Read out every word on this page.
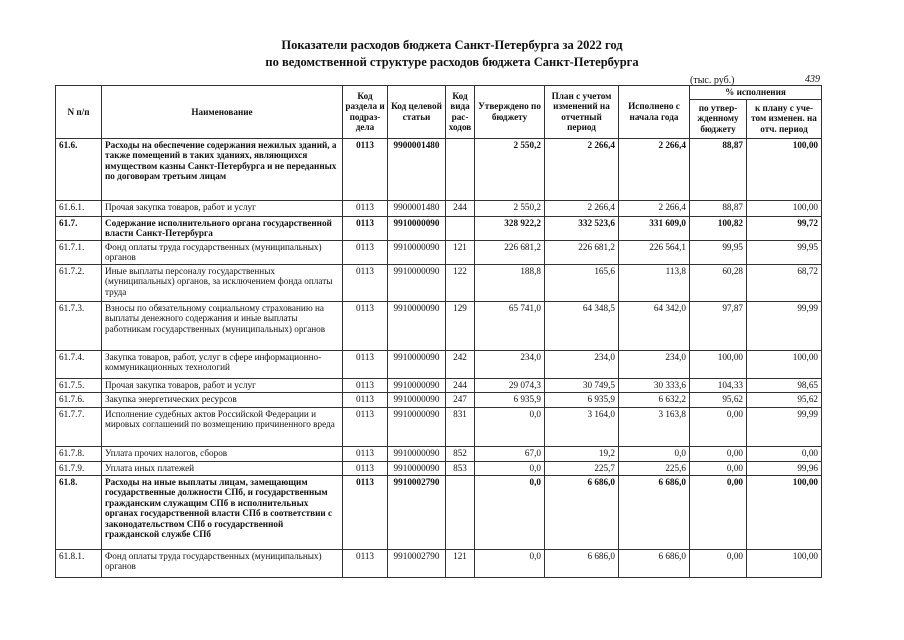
Показатели расходов бюджета Санкт-Петербурга за 2022 год
по ведомственной структуре расходов бюджета Санкт-Петербурга
(тыс. руб.)	439
N п/п	Наименование	Код раздела и подраз-дела	Код целевой статьи	Код вида рас-ходов	Утверждено по бюджету	План с учетом изменений на отчетный период	Исполнено с начала года	% исполнения	
								по утвер-жденному бюджету	к плану с уче-том изменен. на отч. период
61.6.	Расходы на обеспечение содержания нежилых зданий, а также помещений в таких зданиях, являющихся имуществом казны Санкт-Петербурга и не переданных по договорам третьим лицам	0113	9900001480		2 550,2	2 266,4	2 266,4	88,87	100,00
61.6.1.	Прочая закупка товаров, работ и услуг	0113	9900001480	244	2 550,2	2 266,4	2 266,4	88,87	100,00
61.7.	Содержание исполнительного органа государственной власти Санкт-Петербурга	0113	9910000090		328 922,2	332 523,6	331 609,0	100,82	99,72
61.7.1.	Фонд оплаты труда государственных (муниципальных) органов	0113	9910000090	121	226 681,2	226 681,2	226 564,1	99,95	99,95
61.7.2.	Иные выплаты персоналу государственных (муниципальных) органов, за исключением фонда оплаты труда	0113	9910000090	122	188,8	165,6	113,8	60,28	68,72
61.7.3.	Взносы по обязательному социальному страхованию на выплаты денежного содержания и иные выплаты работникам государственных (муниципальных) органов	0113	9910000090	129	65 741,0	64 348,5	64 342,0	97,87	99,99
61.7.4.	Закупка товаров, работ, услуг в сфере информационно-коммуникационных технологий	0113	9910000090	242	234,0	234,0	234,0	100,00	100,00
61.7.5.	Прочая закупка товаров, работ и услуг	0113	9910000090	244	29 074,3	30 749,5	30 333,6	104,33	98,65
61.7.6.	Закупка энергетических ресурсов	0113	9910000090	247	6 935,9	6 935,9	6 632,2	95,62	95,62
61.7.7.	Исполнение судебных актов Российской Федерации и мировых соглашений по возмещению причиненного вреда	0113	9910000090	831	0,0	3 164,0	3 163,8	0,00	99,99
61.7.8.	Уплата прочих налогов, сборов	0113	9910000090	852	67,0	19,2	0,0	0,00	0,00
61.7.9.	Уплата иных платежей	0113	9910000090	853	0,0	225,7	225,6	0,00	99,96
61.8.	Расходы на иные выплаты лицам, замещающим государственные должности СПб, и государственным гражданским служащим СПб в исполнительных органах государственной власти СПб в соответствии с законодательством СПб о государственной гражданской службе СПб	0113	9910002790		0,0	6 686,0	6 686,0	0,00	100,00
61.8.1.	Фонд оплаты труда государственных (муниципальных) органов	0113	9910002790	121	0,0	6 686,0	6 686,0	0,00	100,00
